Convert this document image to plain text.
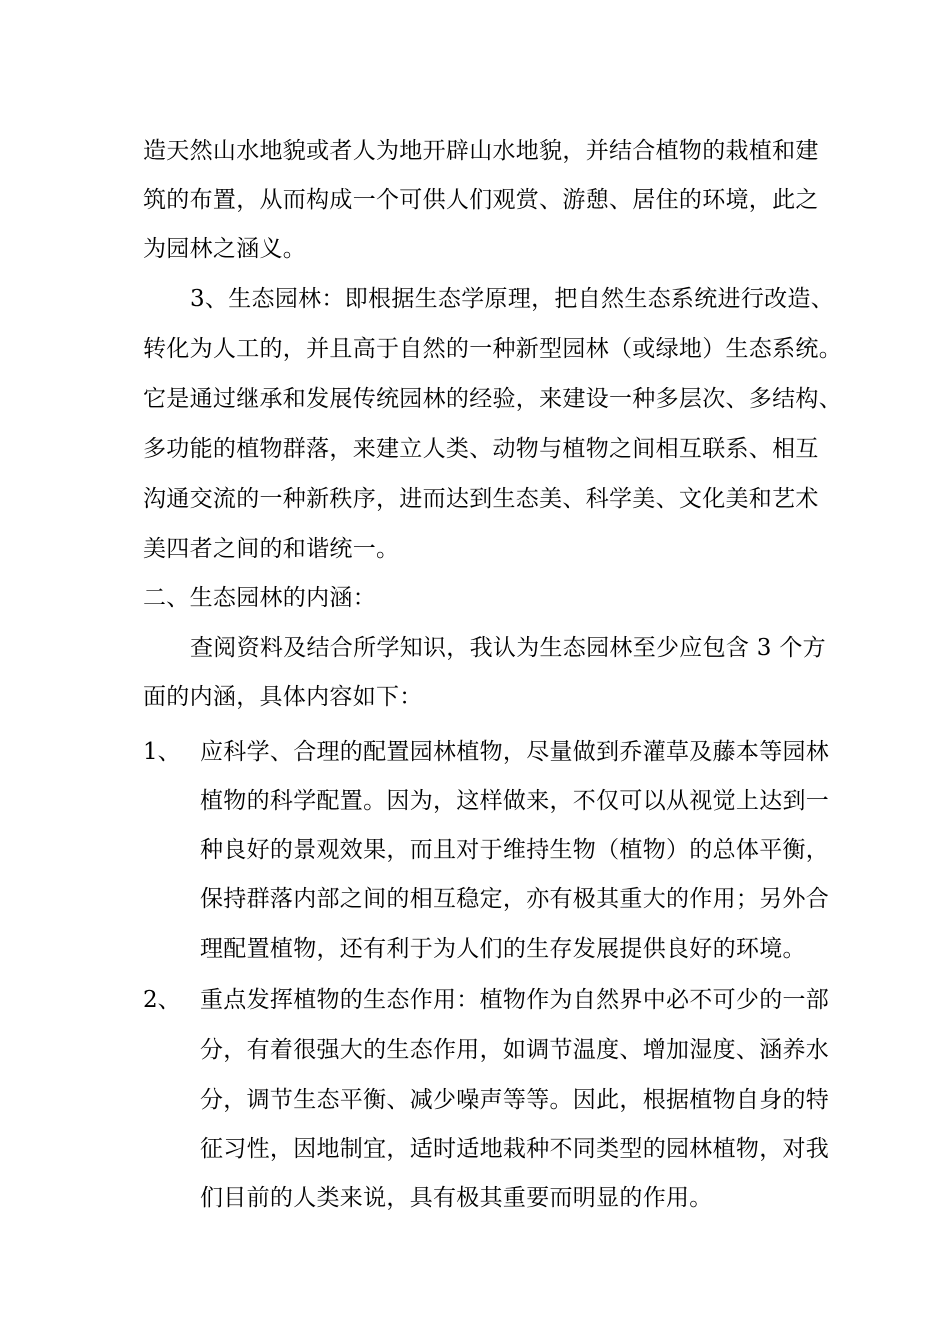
造天然山水地貌或者人为地开辟山水地貌，并结合植物的栽植和建
筑的布置，从而构成一个可供人们观赏、游憩、居住的环境，此之
为园林之涵义。
3、生态园林：即根据生态学原理，把自然生态系统进行改造、
转化为人工的，并且高于自然的一种新型园林（或绿地）生态系统。
它是通过继承和发展传统园林的经验，来建设一种多层次、多结构、
多功能的植物群落，来建立人类、动物与植物之间相互联系、相互
沟通交流的一种新秩序，进而达到生态美、科学美、文化美和艺术
美四者之间的和谐统一。
二、生态园林的内涵：
查阅资料及结合所学知识，我认为生态园林至少应包含 3 个方
面的内涵，具体内容如下：
1、 应科学、合理的配置园林植物，尽量做到乔灌草及藤本等园林
植物的科学配置。因为，这样做来，不仅可以从视觉上达到一
种良好的景观效果，而且对于维持生物（植物）的总体平衡，
保持群落内部之间的相互稳定，亦有极其重大的作用；另外合
理配置植物，还有利于为人们的生存发展提供良好的环境。
2、 重点发挥植物的生态作用：植物作为自然界中必不可少的一部
分，有着很强大的生态作用，如调节温度、增加湿度、涵养水
分，调节生态平衡、减少噪声等等。因此，根据植物自身的特
征习性，因地制宜，适时适地栽种不同类型的园林植物，对我
们目前的人类来说，具有极其重要而明显的作用。
